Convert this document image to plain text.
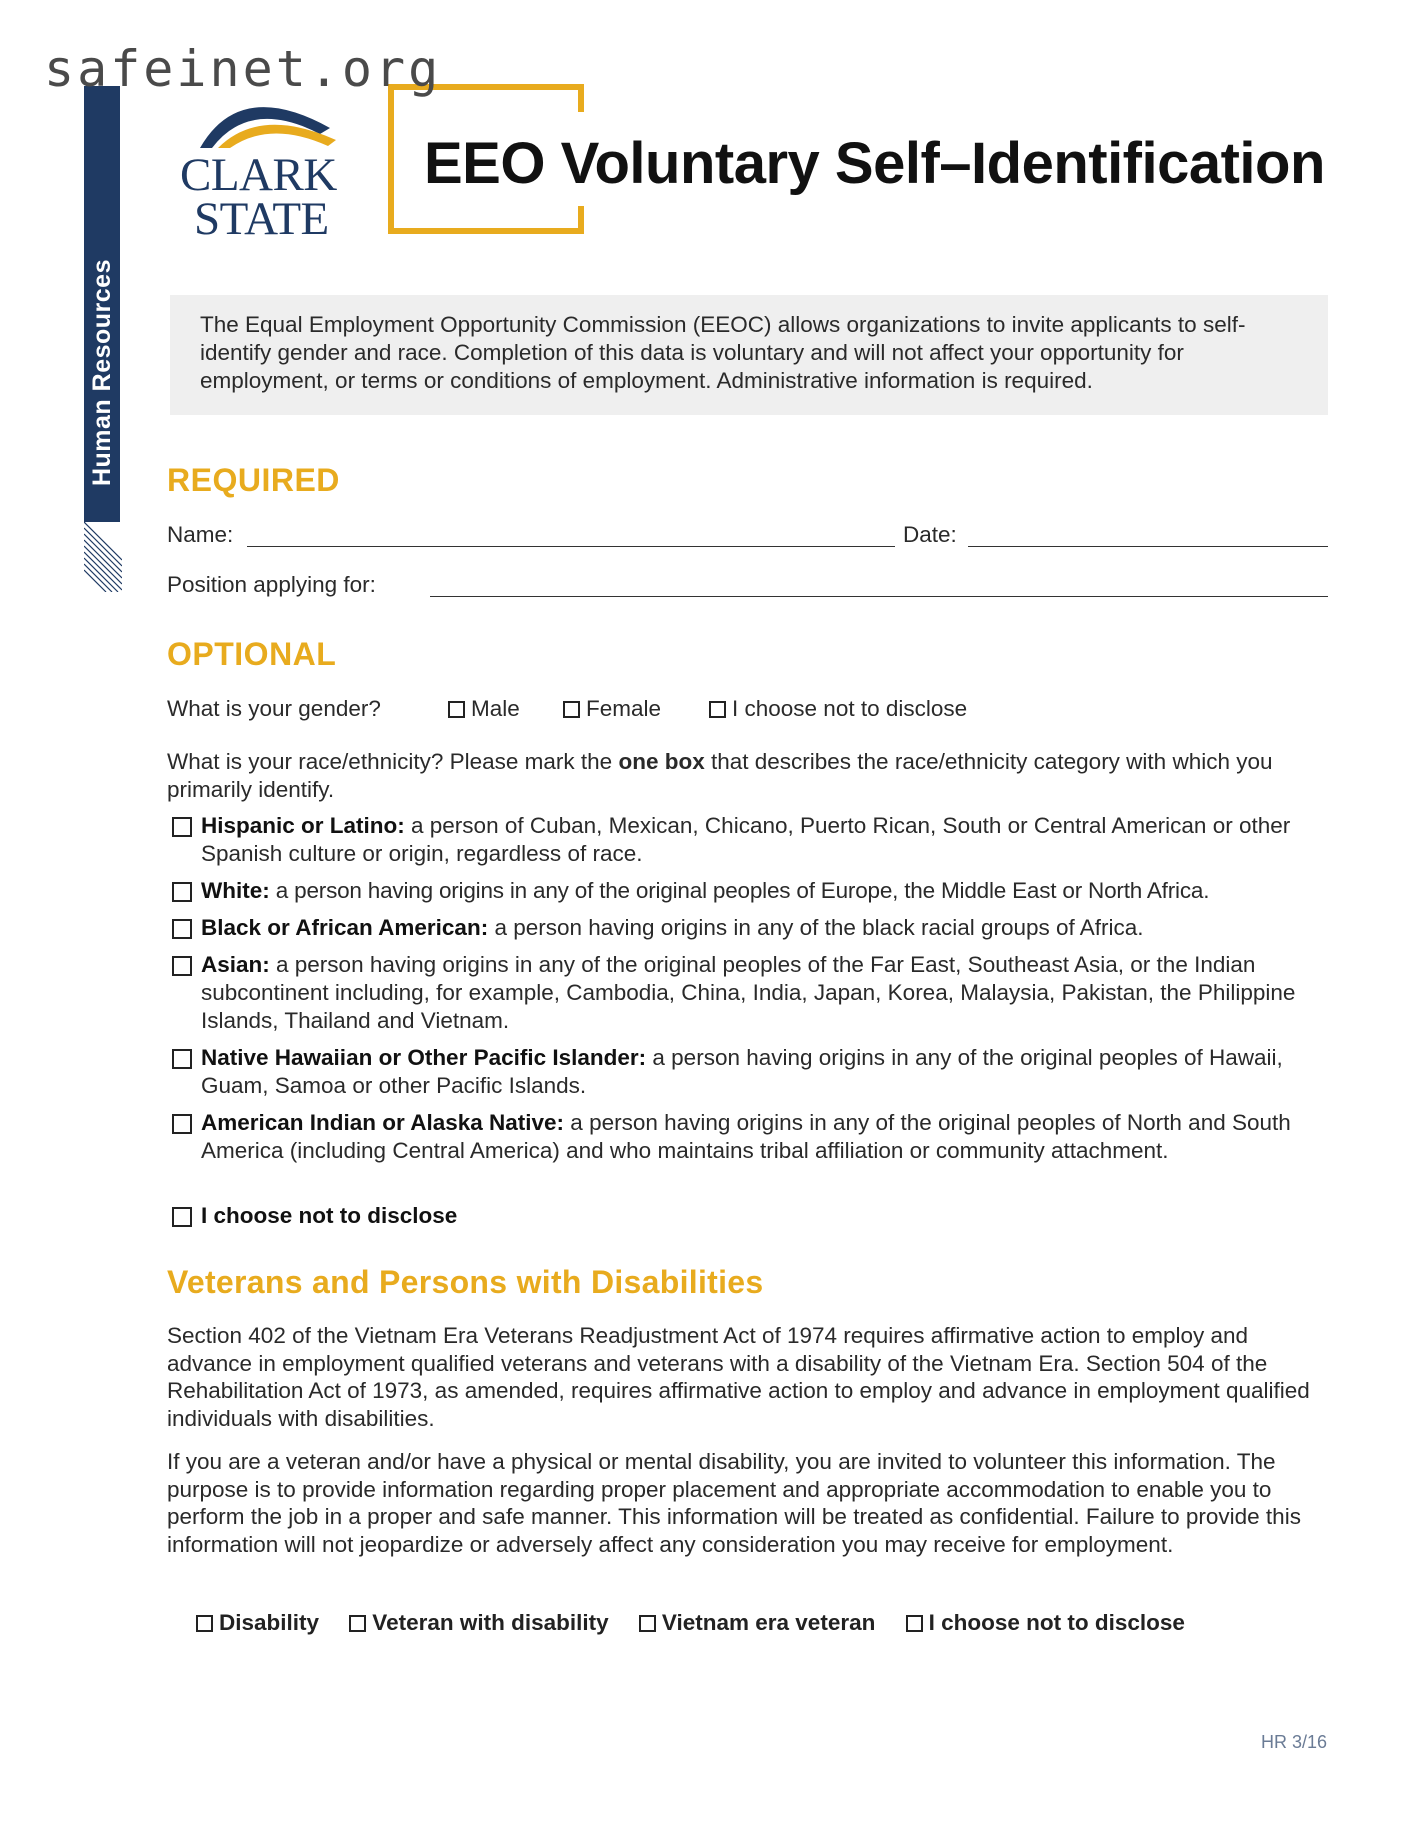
safeinet.org
Human Resources
CLARK
STATE
EEO Voluntary Self–Identification
The Equal Employment Opportunity Commission (EEOC) allows organizations to invite applicants to self-identify gender and race. Completion of this data is voluntary and will not affect your opportunity for employment, or terms or conditions of employment. Administrative information is required.
REQUIRED
Name:	Date:
Position applying for:
OPTIONAL
What is your gender?	Male	Female	I choose not to disclose
What is your race/ethnicity? Please mark the one box that describes the race/ethnicity category with which you primarily identify.
Hispanic or Latino: a person of Cuban, Mexican, Chicano, Puerto Rican, South or Central American or other Spanish culture or origin, regardless of race.
White: a person having origins in any of the original peoples of Europe, the Middle East or North Africa.
Black or African American: a person having origins in any of the black racial groups of Africa.
Asian: a person having origins in any of the original peoples of the Far East, Southeast Asia, or the Indian subcontinent including, for example, Cambodia, China, India, Japan, Korea, Malaysia, Pakistan, the Philippine Islands, Thailand and Vietnam.
Native Hawaiian or Other Pacific Islander: a person having origins in any of the original peoples of Hawaii, Guam, Samoa or other Pacific Islands.
American Indian or Alaska Native: a person having origins in any of the original peoples of North and South America (including Central America) and who maintains tribal affiliation or community attachment.
I choose not to disclose
Veterans and Persons with Disabilities
Section 402 of the Vietnam Era Veterans Readjustment Act of 1974 requires affirmative action to employ and advance in employment qualified veterans and veterans with a disability of the Vietnam Era. Section 504 of the Rehabilitation Act of 1973, as amended, requires affirmative action to employ and advance in employment qualified individuals with disabilities.
If you are a veteran and/or have a physical or mental disability, you are invited to volunteer this information. The purpose is to provide information regarding proper placement and appropriate accommodation to enable you to perform the job in a proper and safe manner. This information will be treated as confidential. Failure to provide this information will not jeopardize or adversely affect any consideration you may receive for employment.
Disability Veteran with disability Vietnam era veteran I choose not to disclose
HR 3/16
